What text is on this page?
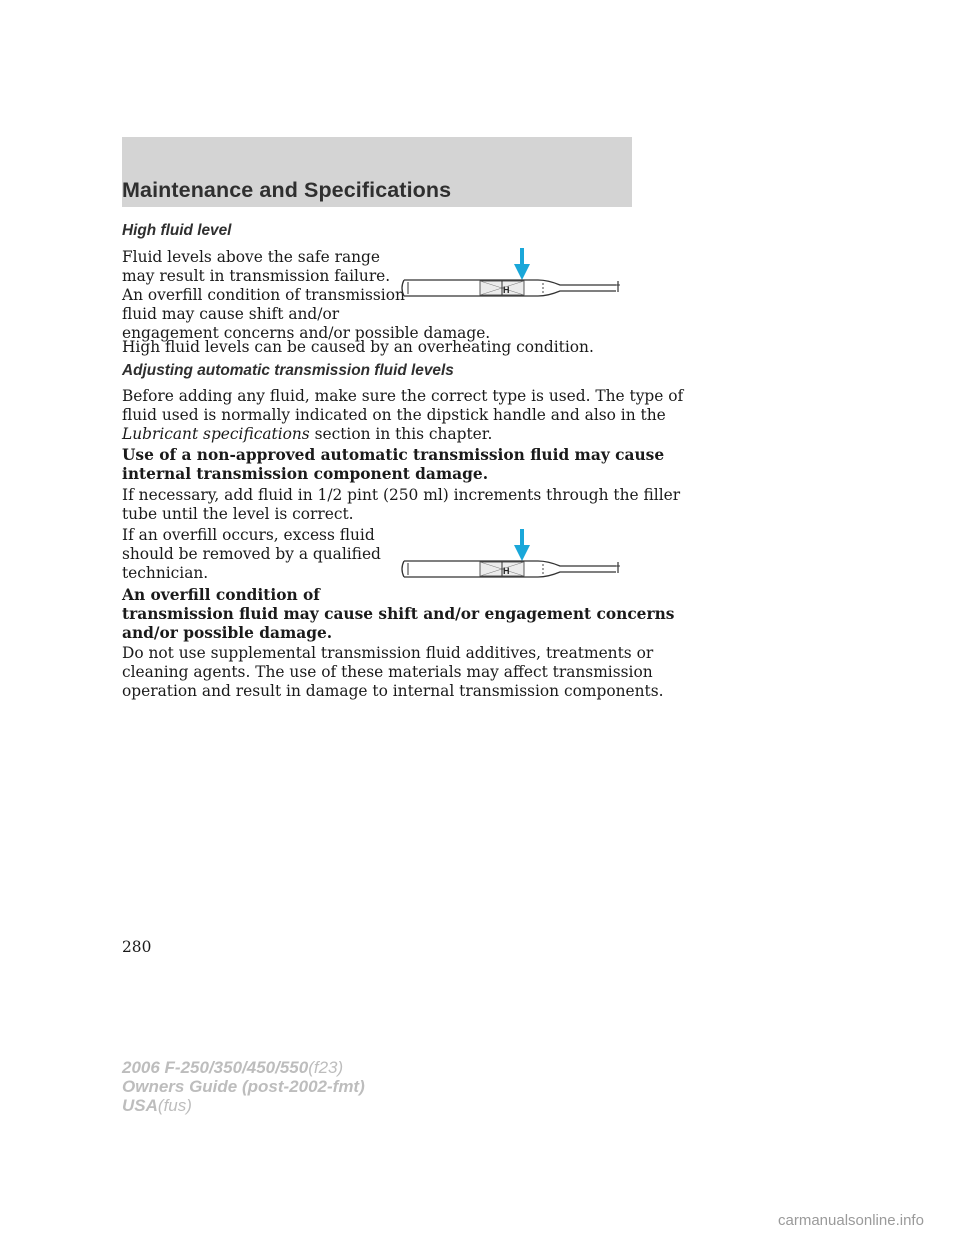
Maintenance and Specifications
High fluid level
Fluid levels above the safe range
may result in transmission failure.
An overfill condition of transmission
fluid may cause shift and/or
engagement concerns and/or possible damage.
High fluid levels can be caused by an overheating condition.
H
Adjusting automatic transmission fluid levels
Before adding any fluid, make sure the correct type is used. The type of
fluid used is normally indicated on the dipstick handle and also in the
Lubricant specifications section in this chapter.
Use of a non-approved automatic transmission fluid may cause
internal transmission component damage.
If necessary, add fluid in 1/2 pint (250 ml) increments through the filler
tube until the level is correct.
If an overfill occurs, excess fluid
should be removed by a qualified
technician.	H
An overfill condition of
transmission fluid may cause shift and/or engagement concerns
and/or possible damage.
Do not use supplemental transmission fluid additives, treatments or
cleaning agents. The use of these materials may affect transmission
operation and result in damage to internal transmission components.
280
2006 F-250/350/450/550(f23)
Owners Guide (post-2002-fmt)
USA(fus)
carmanualsonline.info
